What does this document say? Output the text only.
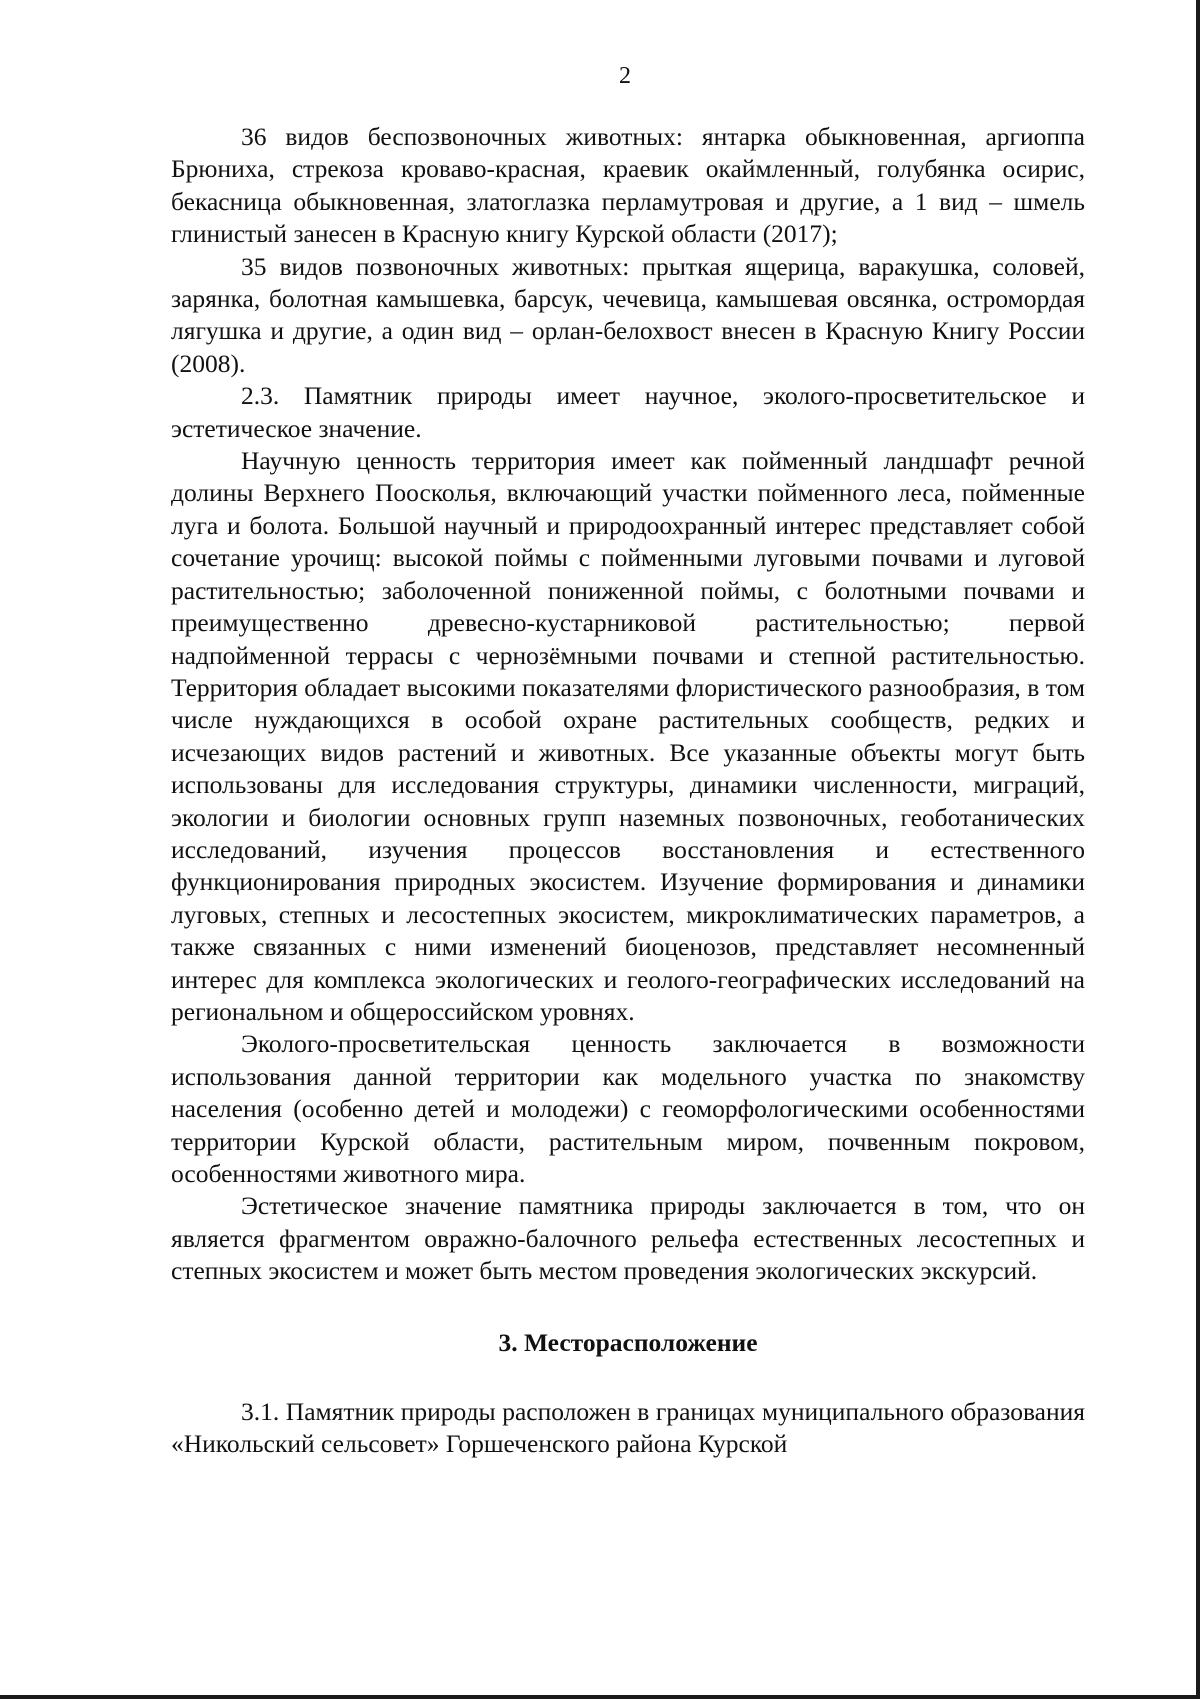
2

36 видов беспозвоночных животных: янтарка обыкновенная, аргиоппа Брюниха, стрекоза кроваво-красная, краевик окаймленный, голубянка осирис, бекасница обыкновенная, златоглазка перламутровая и другие, а 1 вид – шмель глинистый занесен в Красную книгу Курской области (2017);

35 видов позвоночных животных: прыткая ящерица, варакушка, соловей, зарянка, болотная камышевка, барсук, чечевица, камышевая овсянка, остромордая лягушка и другие, а один вид – орлан-белохвост внесен в Красную Книгу России (2008).

2.3. Памятник природы имеет научное, эколого-просветительское и эстетическое значение.

Научную ценность территория имеет как пойменный ландшафт речной долины Верхнего Поосколья, включающий участки пойменного леса, пойменные луга и болота. Большой научный и природоохранный интерес представляет собой сочетание урочищ: высокой поймы с пойменными луговыми почвами и луговой растительностью; заболоченной пониженной поймы, с болотными почвами и преимущественно древесно-кустарниковой растительностью; первой надпойменной террасы с чернозёмными почвами и степной растительностью. Территория обладает высокими показателями флористического разнообразия, в том числе нуждающихся в особой охране растительных сообществ, редких и исчезающих видов растений и животных. Все указанные объекты могут быть использованы для исследования структуры, динамики численности, миграций, экологии и биологии основных групп наземных позвоночных, геоботанических исследований, изучения процессов восстановления и естественного функционирования природных экосистем. Изучение формирования и динамики луговых, степных и лесостепных экосистем, микроклиматических параметров, а также связанных с ними изменений биоценозов, представляет несомненный интерес для комплекса экологических и геолого-географических исследований на региональном и общероссийском уровнях.

Эколого-просветительская ценность заключается в возможности использования данной территории как модельного участка по знакомству населения (особенно детей и молодежи) с геоморфологическими особенностями территории Курской области, растительным миром, почвенным покровом, особенностями животного мира.

Эстетическое значение памятника природы заключается в том, что он является фрагментом овражно-балочного рельефа естественных лесостепных и степных экосистем и может быть местом проведения экологических экскурсий.

3. Месторасположение

3.1. Памятник природы расположен в границах муниципального образования «Никольский сельсовет» Горшеченского района Курской
